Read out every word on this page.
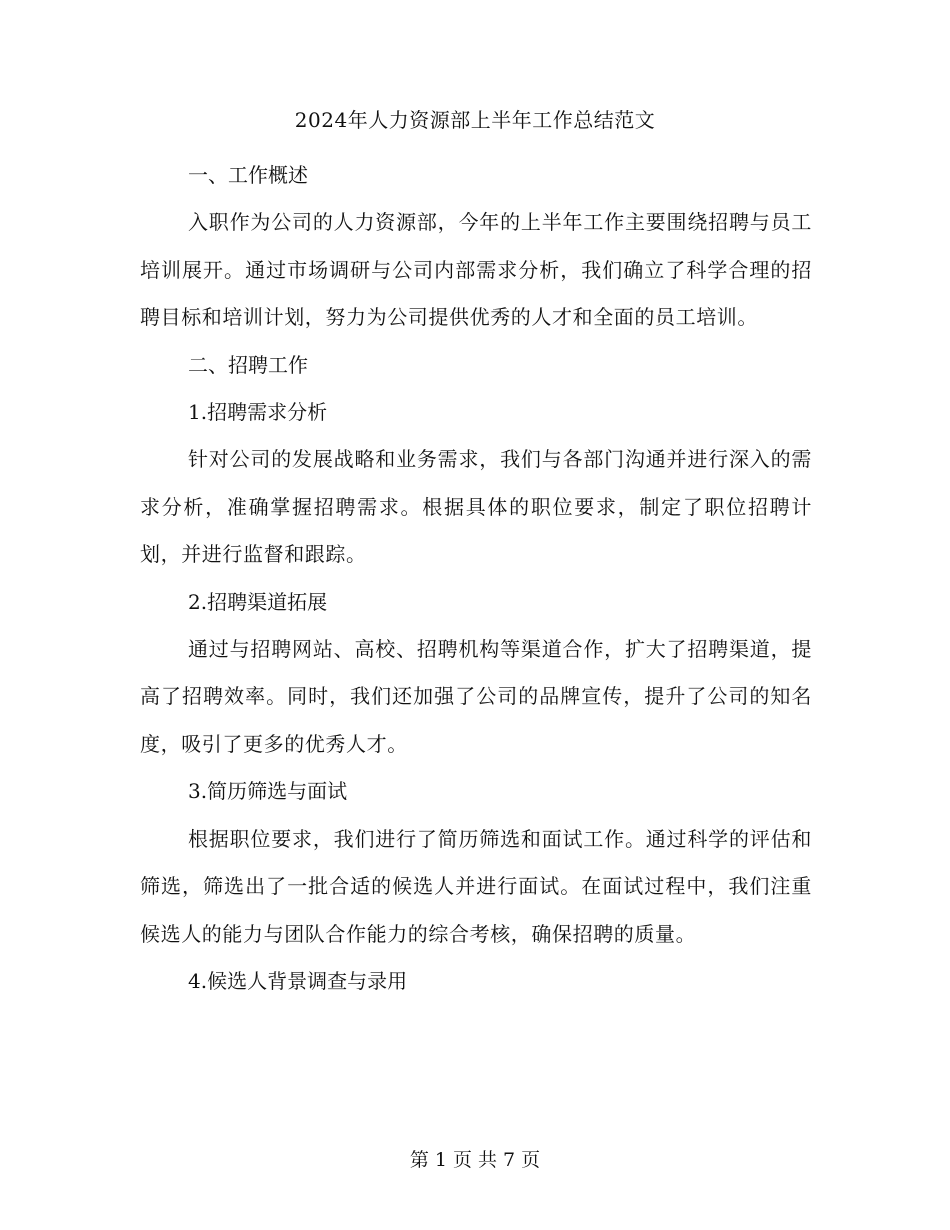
2024年人力资源部上半年工作总结范文

一、工作概述

入职作为公司的人力资源部，今年的上半年工作主要围绕招聘与员工培训展开。通过市场调研与公司内部需求分析，我们确立了科学合理的招聘目标和培训计划，努力为公司提供优秀的人才和全面的员工培训。

二、招聘工作

1.招聘需求分析

针对公司的发展战略和业务需求，我们与各部门沟通并进行深入的需求分析，准确掌握招聘需求。根据具体的职位要求，制定了职位招聘计划，并进行监督和跟踪。

2.招聘渠道拓展

通过与招聘网站、高校、招聘机构等渠道合作，扩大了招聘渠道，提高了招聘效率。同时，我们还加强了公司的品牌宣传，提升了公司的知名度，吸引了更多的优秀人才。

3.简历筛选与面试

根据职位要求，我们进行了简历筛选和面试工作。通过科学的评估和筛选，筛选出了一批合适的候选人并进行面试。在面试过程中，我们注重候选人的能力与团队合作能力的综合考核，确保招聘的质量。

4.候选人背景调查与录用

第 1 页 共 7 页
